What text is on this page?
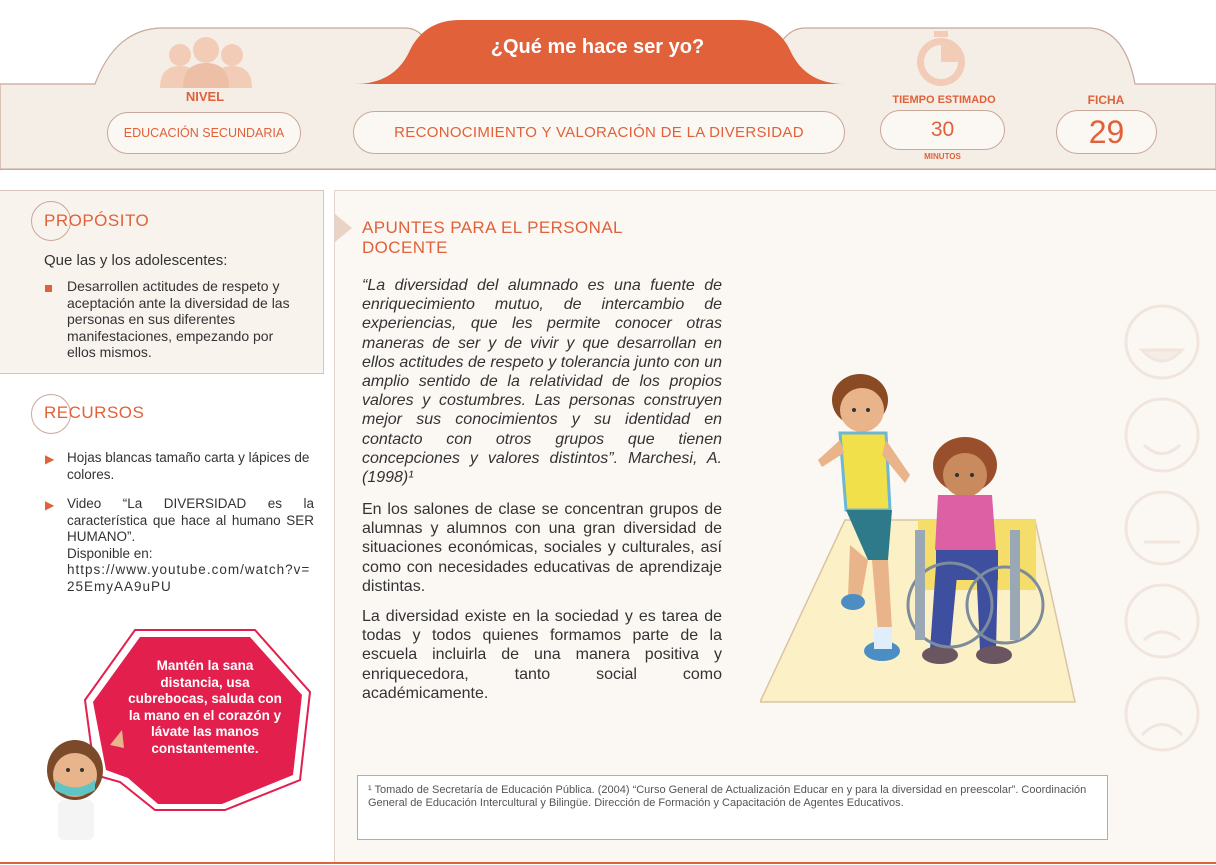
¿Qué me hace ser yo?
NIVEL
EDUCACIÓN SECUNDARIA	RECONOCIMIENTO Y VALORACIÓN DE LA DIVERSIDAD
TIEMPO ESTIMADO
30
MINUTOS
FICHA
29
PROPÓSITO
Que las y los adolescentes:
Desarrollen actitudes de respeto y aceptación ante la diversidad de las personas en sus diferentes manifestaciones, empezando por ellos mismos.
RECURSOS
▶ Hojas blancas tamaño carta y lápices de colores.
▶ Video “La DIVERSIDAD es la característica que hace al humano SER HUMANO”.
Disponible en:
https://www.youtube.com/watch?v=25EmyAA9uPU
Mantén la sana distancia, usa cubrebocas, saluda con la mano en el corazón y lávate las manos constantemente.
APUNTES PARA EL PERSONAL DOCENTE
“La diversidad del alumnado es una fuente de enriquecimiento mutuo, de intercambio de experiencias, que les permite conocer otras maneras de ser y de vivir y que desarrollan en ellos actitudes de respeto y tolerancia junto con un amplio sentido de la relatividad de los propios valores y costumbres. Las personas construyen mejor sus conocimientos y su identidad en contacto con otros grupos que tienen concepciones y valores distintos”. Marchesi, A. (1998)¹
En los salones de clase se concentran grupos de alumnas y alumnos con una gran diversidad de situaciones económicas, sociales y culturales, así como con necesidades educativas de aprendizaje distintas.
La diversidad existe en la sociedad y es tarea de todas y todos quienes formamos parte de la escuela incluirla de una manera positiva y enriquecedora, tanto social como académicamente.
¹ Tomado de Secretaría de Educación Pública. (2004) “Curso General de Actualización Educar en y para la diversidad en preescolar”. Coordinación General de Educación Intercultural y Bilingüe. Dirección de Formación y Capacitación de Agentes Educativos.
